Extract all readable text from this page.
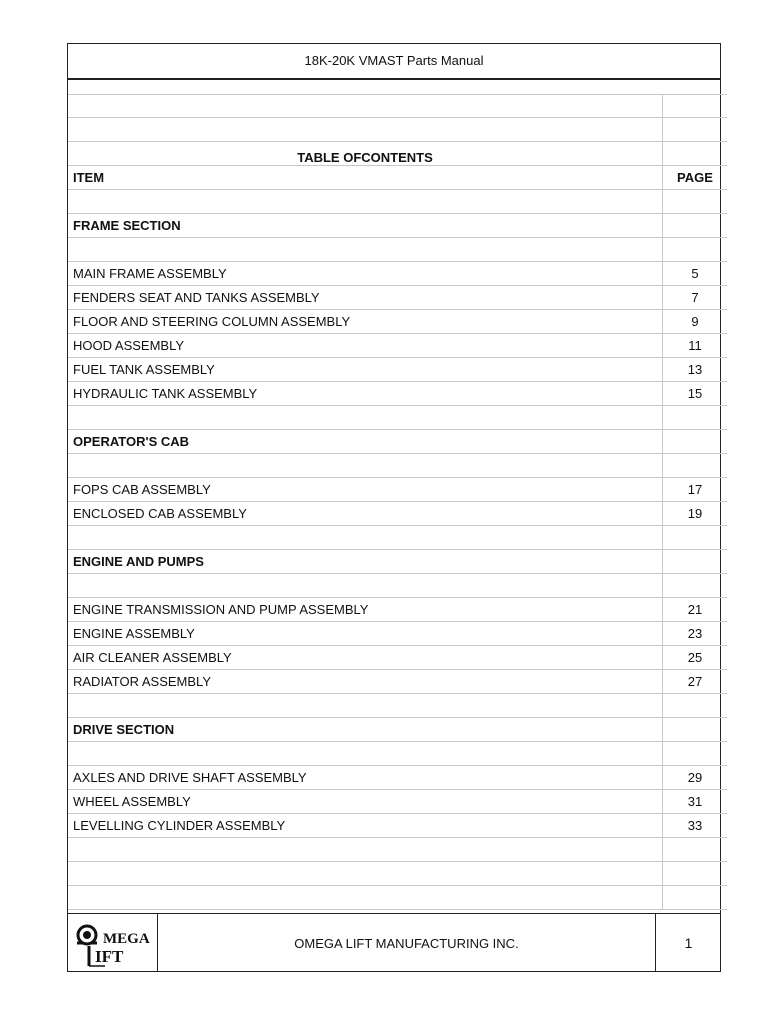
18K-20K VMAST Parts Manual
TABLE OFCONTENTS
ITEM	PAGE
FRAME SECTION
MAIN FRAME ASSEMBLY	5
FENDERS SEAT AND TANKS ASSEMBLY	7
FLOOR AND STEERING COLUMN ASSEMBLY	9
HOOD ASSEMBLY	11
FUEL TANK ASSEMBLY	13
HYDRAULIC TANK ASSEMBLY	15
OPERATOR'S CAB
FOPS CAB ASSEMBLY	17
ENCLOSED CAB ASSEMBLY	19
ENGINE AND PUMPS
ENGINE TRANSMISSION AND PUMP ASSEMBLY	21
ENGINE ASSEMBLY	23
AIR CLEANER ASSEMBLY	25
RADIATOR ASSEMBLY	27
DRIVE SECTION
AXLES AND DRIVE SHAFT ASSEMBLY	29
WHEEL ASSEMBLY	31
LEVELLING CYLINDER ASSEMBLY	33
MEGA
IFT
OMEGA LIFT MANUFACTURING INC.	1
